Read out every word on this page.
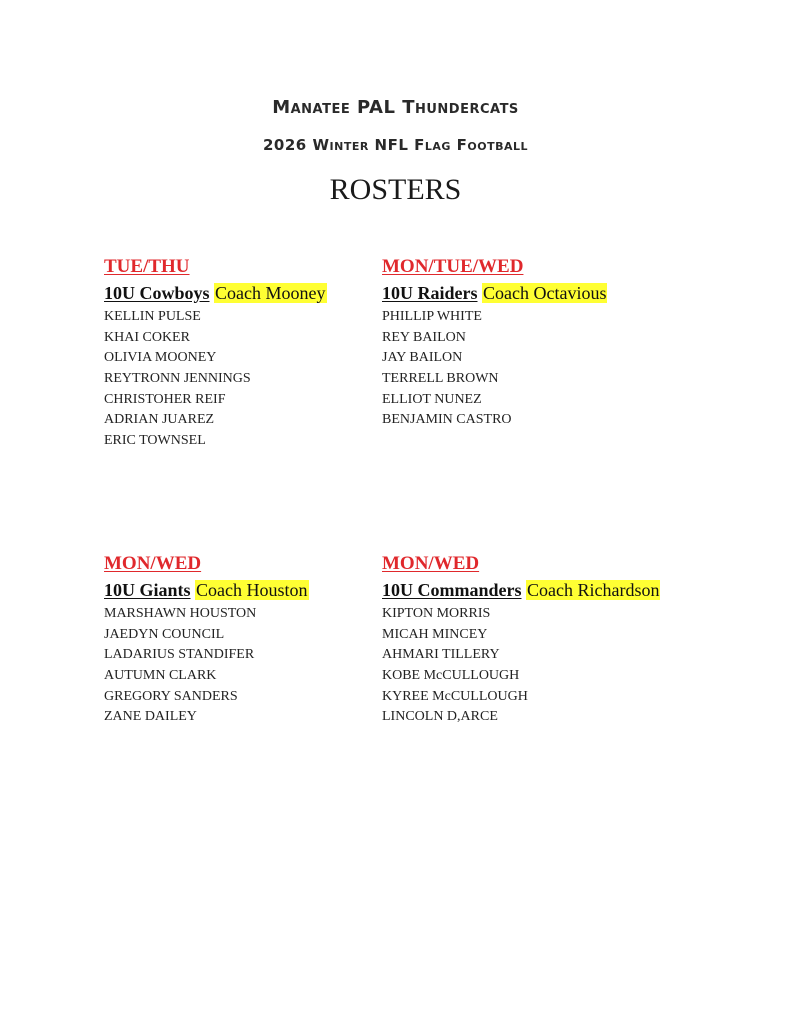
Manatee PAL Thundercats
2026 Winter NFL Flag Football
ROSTERS
TUE/THU
10U Cowboys Coach Mooney
KELLIN PULSE
KHAI COKER
OLIVIA MOONEY
REYTRONN JENNINGS
CHRISTOHER REIF
ADRIAN JUAREZ
ERIC TOWNSEL
MON/TUE/WED
10U Raiders Coach Octavious
PHILLIP WHITE
REY BAILON
JAY BAILON
TERRELL BROWN
ELLIOT NUNEZ
BENJAMIN CASTRO
MON/WED
10U Giants Coach Houston
MARSHAWN HOUSTON
JAEDYN COUNCIL
LADARIUS STANDIFER
AUTUMN CLARK
GREGORY SANDERS
ZANE DAILEY
MON/WED
10U Commanders Coach Richardson
KIPTON MORRIS
MICAH MINCEY
AHMARI TILLERY
KOBE McCULLOUGH
KYREE McCULLOUGH
LINCOLN D,ARCE
